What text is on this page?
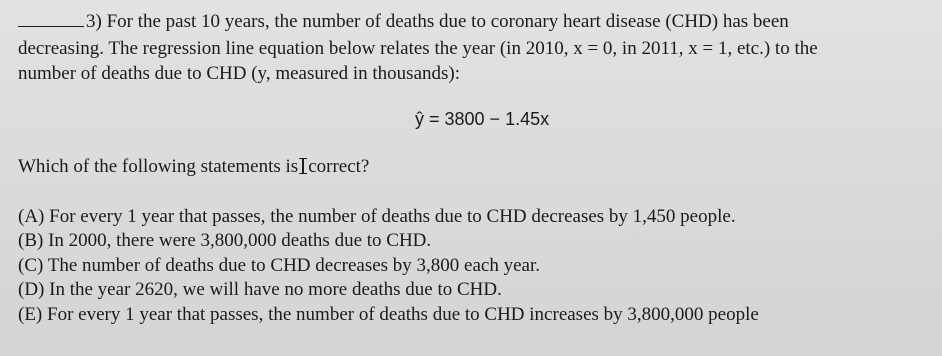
3) For the past 10 years, the number of deaths due to coronary heart disease (CHD) has been
decreasing. The regression line equation below relates the year (in 2010, x = 0, in 2011, x = 1, etc.) to the
number of deaths due to CHD (y, measured in thousands):
ŷ = 3800 − 1.45x
Which of the following statements is correct?
(A) For every 1 year that passes, the number of deaths due to CHD decreases by 1,450 people.
(B) In 2000, there were 3,800,000 deaths due to CHD.
(C) The number of deaths due to CHD decreases by 3,800 each year.
(D) In the year 2620, we will have no more deaths due to CHD.
(E) For every 1 year that passes, the number of deaths due to CHD increases by 3,800,000 people
